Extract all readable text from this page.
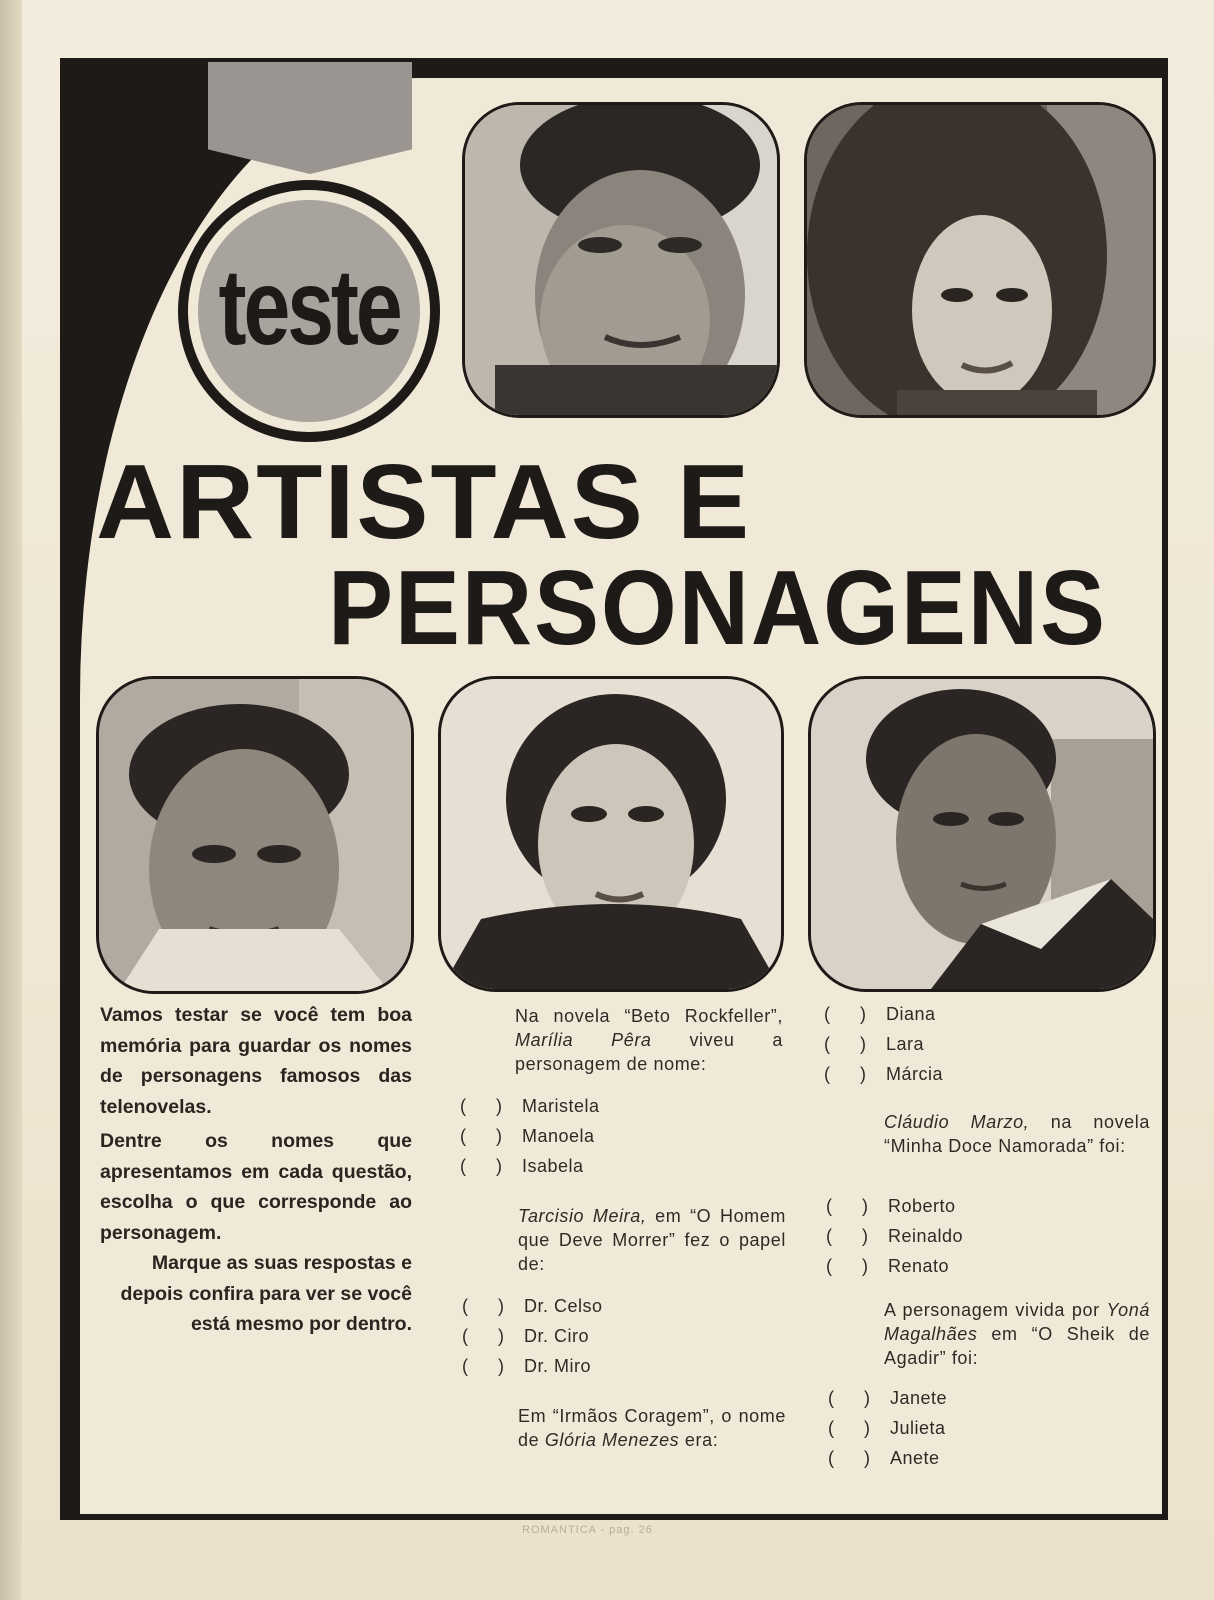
teste
ARTISTAS E
PERSONAGENS

Vamos testar se você tem boa memória para guardar os nomes de personagens famosos das telenovelas.

Dentre os nomes que apresentamos em cada questão, escolha o que corresponde ao personagem.

Marque as suas respostas e depois confira para ver se você está mesmo por dentro.

Na novela “Beto Rockfeller”, Marília Pêra viveu a personagem de nome:
( ) Maristela
( ) Manoela
( ) Isabela
Tarcisio Meira, em “O Homem que Deve Morrer” fez o papel de:
( ) Dr. Celso
( ) Dr. Ciro
( ) Dr. Miro
Em “Irmãos Coragem”, o nome de Glória Menezes era:
( ) Diana
( ) Lara
( ) Márcia
Cláudio Marzo, na novela “Minha Doce Namorada” foi:
( ) Roberto
( ) Reinaldo
( ) Renato
A personagem vivida por Yoná Magalhães em “O Sheik de Agadir” foi:
( ) Janete
( ) Julieta
( ) Anete
ROMANTICA - pag. 26
